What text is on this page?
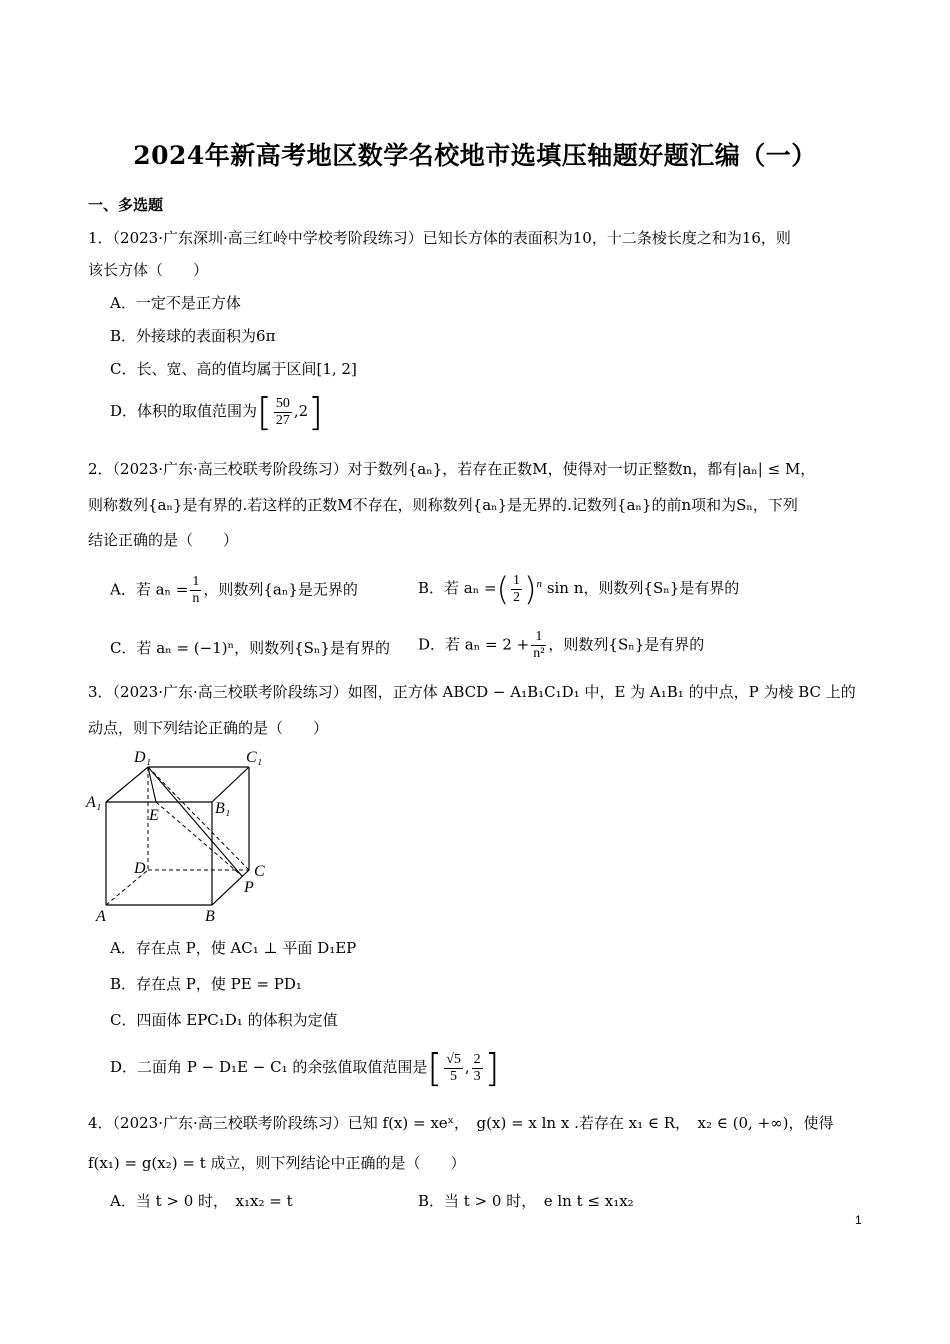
2024年新高考地区数学名校地市选填压轴题好题汇编（一）
一、多选题
1．（2023·广东深圳·高三红岭中学校考阶段练习）已知长方体的表面积为10，十二条棱长度之和为16，则
该长方体（　　）
A．一定不是正方体
B．外接球的表面积为6π
C．长、宽、高的值均属于区间[1, 2]
D．体积的取值范围为[ $\frac{50}{27} ,2$]
2．（2023·广东·高三校联考阶段练习）对于数列{aₙ}，若存在正数M，使得对一切正整数n，都有|aₙ| ≤ M，
则称数列{aₙ}是有界的.若这样的正数M不存在，则称数列{aₙ}是无界的.记数列{aₙ}的前n项和为Sₙ，下列
结论正确的是（　　）
A．若 $a_n = \frac{1}{n}$ ，则数列{aₙ}是无界的	B．若 aₙ =( $\frac{1}{2} )^n$ sin n，则数列{Sₙ}是有界的
C．若 aₙ = (−1)ⁿ，则数列{Sₙ}是有界的 D．若 $a_n = 2 + \frac{1}{\text{n²}}$ ，则数列{Sₙ}是有界的
3．（2023·广东·高三校联考阶段练习）如图，正方体 ABCD − A₁B₁C₁D₁ 中，E 为 A₁B₁ 的中点，P 为棱 BC 上的
动点，则下列结论正确的是（　　）
D₁	C₁
A₁	B₁
E
D	C
P
A	B
A．存在点 P，使 AC₁ ⊥ 平面 D₁EP
B．存在点 P，使 PE = PD₁
C．四面体 EPC₁D₁ 的体积为定值
D．二面角 P − D₁E − C₁ 的余弦值取值范围是[ $\frac{√5}{5}$ , $\frac{2}{3}$ ]
4．（2023·广东·高三校联考阶段练习）已知 f(x) = xeˣ，　g(x) = x ln x .若存在 x₁ ∈ R，　x₂ ∈ (0, +∞)，使得
f(x₁) = g(x₂) = t 成立，则下列结论中正确的是（　　）
A．当 t > 0 时，　x₁x₂ = t	B．当 t > 0 时，　e ln t ≤ x₁x₂
1
